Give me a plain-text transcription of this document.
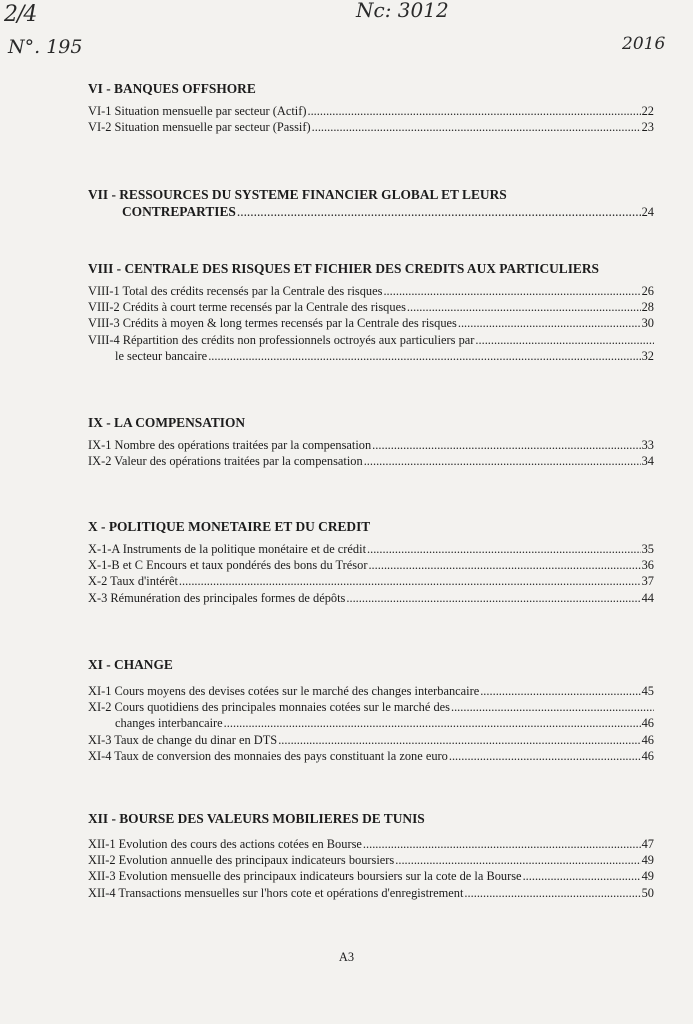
2/4	Nc: 3012
N°. 195	2016
VI - BANQUES OFFSHORE
VI-1 Situation mensuelle par secteur (Actif) .....	22
VI-2 Situation mensuelle par secteur (Passif) .....	23
VII - RESSOURCES DU SYSTEME FINANCIER GLOBAL ET LEURS
CONTREPARTIES .....	24
VIII - CENTRALE DES RISQUES ET FICHIER DES CREDITS AUX PARTICULIERS
VIII-1 Total des crédits recensés par la Centrale des risques .....	26
VIII-2 Crédits à court terme recensés par la Centrale des risques .....	28
VIII-3 Crédits à moyen & long termes recensés par la Centrale des risques .....	30
VIII-4 Répartition des crédits non professionnels octroyés aux particuliers par
.....
le secteur bancaire .....	32
IX - LA COMPENSATION
IX-1 Nombre des opérations traitées par la compensation .....	33
IX-2 Valeur des opérations traitées par la compensation .....	34
X - POLITIQUE MONETAIRE ET DU CREDIT
X-1-A Instruments de la politique monétaire et de crédit .....	35
X-1-B et C Encours et taux pondérés des bons du Trésor .....	36
X-2 Taux d'intérêt .....	37
X-3 Rémunération des principales formes de dépôts .....	44
XI - CHANGE
XI-1 Cours moyens des devises cotées sur le marché des changes interbancaire .....	45
XI-2 Cours quotidiens des principales monnaies cotées sur le marché des
.....
changes interbancaire .....	46
XI-3 Taux de change du dinar en DTS .....	46
XI-4 Taux de conversion des monnaies des pays constituant la zone euro .....	46
XII - BOURSE DES VALEURS MOBILIERES DE TUNIS
XII-1 Evolution des cours des actions cotées en Bourse .....	47
XII-2 Evolution annuelle des principaux indicateurs boursiers .....	49
XII-3 Evolution mensuelle des principaux indicateurs boursiers sur la cote de la Bourse .....	49
XII-4 Transactions mensuelles sur l'hors cote et opérations d'enregistrement .....	50
A3
